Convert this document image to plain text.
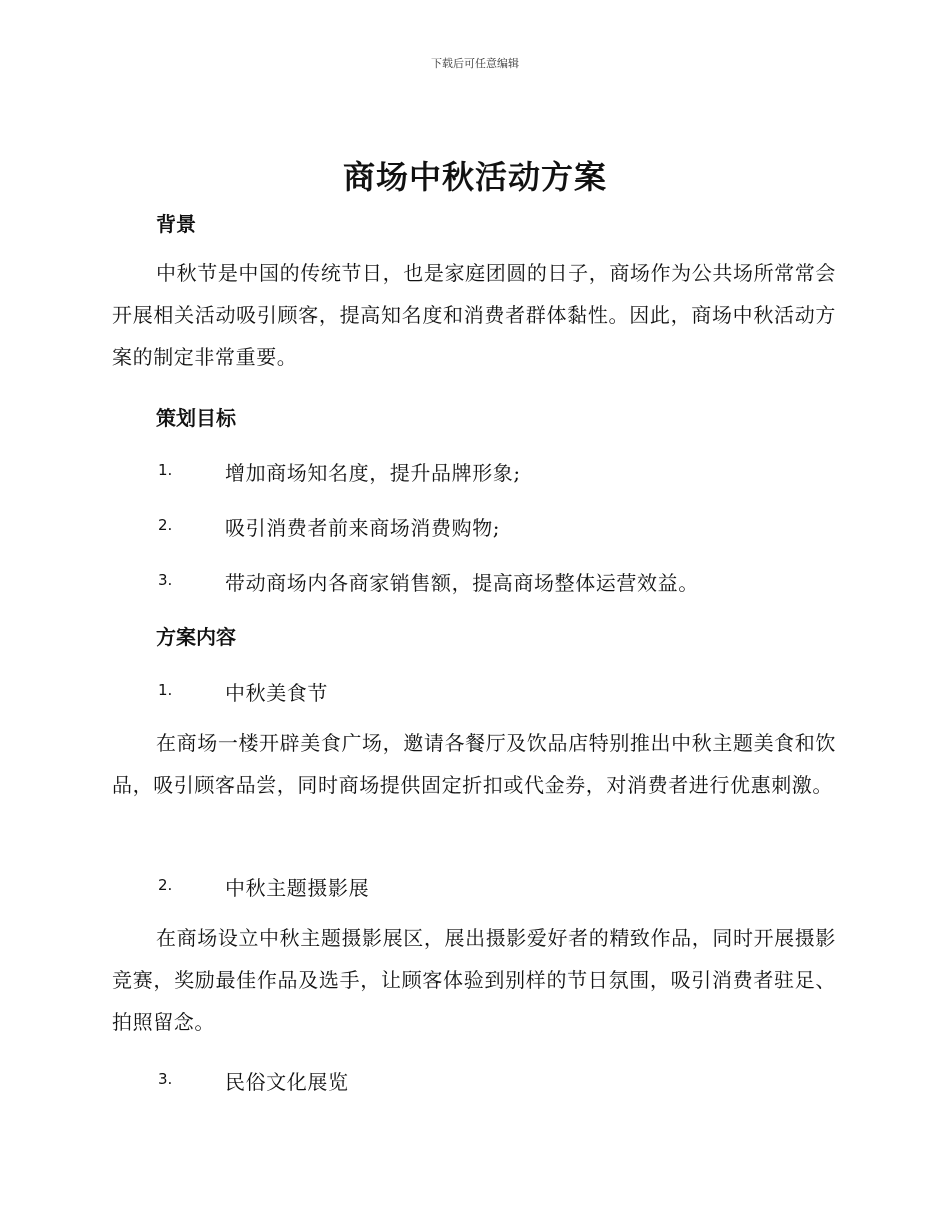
下载后可任意编辑
商场中秋活动方案
背景
中秋节是中国的传统节日，也是家庭团圆的日子，商场作为公共场所常常会开展相关活动吸引顾客，提高知名度和消费者群体黏性。因此，商场中秋活动方案的制定非常重要。
策划目标
1.	增加商场知名度，提升品牌形象;
2.	吸引消费者前来商场消费购物;
3.	带动商场内各商家销售额，提高商场整体运营效益。
方案内容
1.	中秋美食节
在商场一楼开辟美食广场，邀请各餐厅及饮品店特别推出中秋主题美食和饮品，吸引顾客品尝，同时商场提供固定折扣或代金券，对消费者进行优惠刺激。
2.	中秋主题摄影展
在商场设立中秋主题摄影展区，展出摄影爱好者的精致作品，同时开展摄影竞赛，奖励最佳作品及选手，让顾客体验到别样的节日氛围，吸引消费者驻足、拍照留念。
3.	民俗文化展览
